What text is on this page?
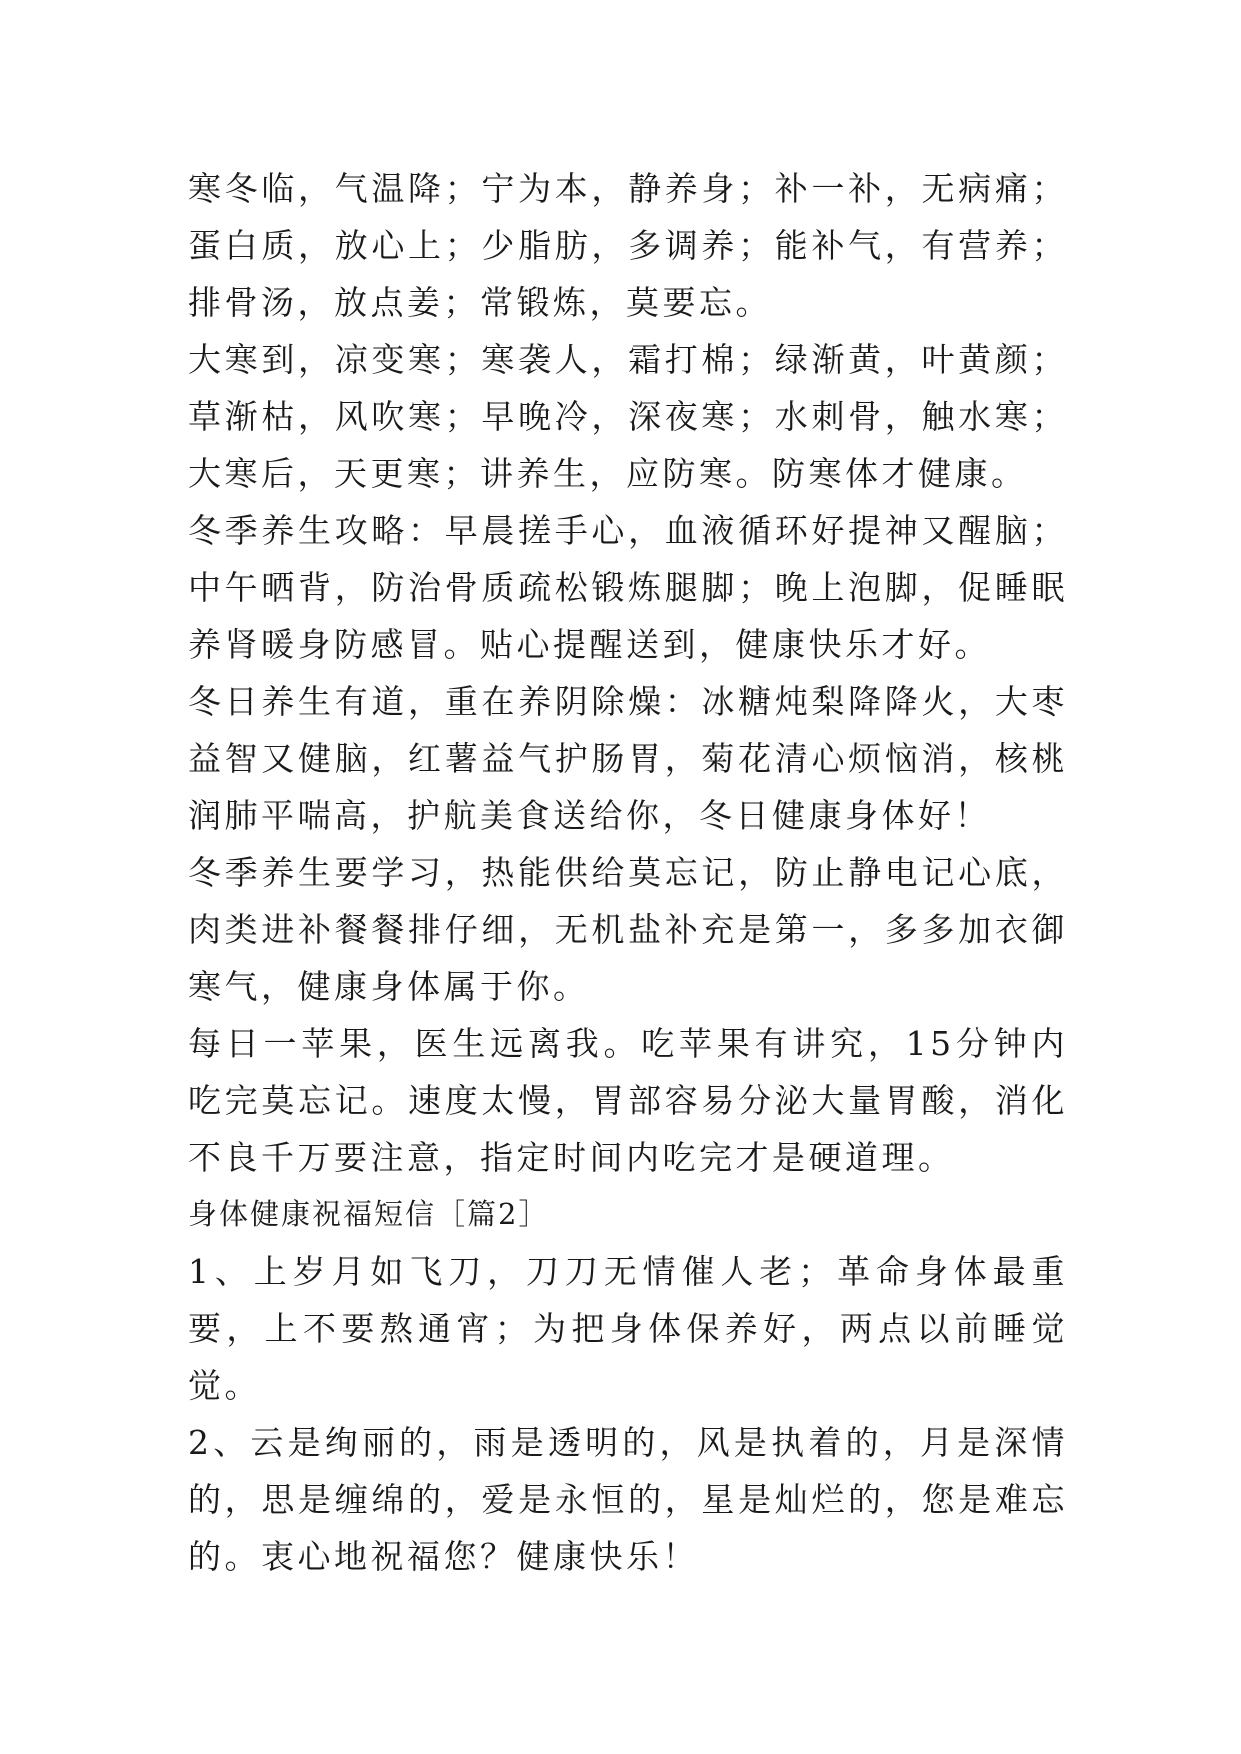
寒冬临，气温降；宁为本，静养身；补一补，无病痛；蛋白质，放心上；少脂肪，多调养；能补气，有营养；排骨汤，放点姜；常锻炼，莫要忘。

大寒到，凉变寒；寒袭人，霜打棉；绿渐黄，叶黄颜；草渐枯，风吹寒；早晚冷，深夜寒；水刺骨，触水寒；大寒后，天更寒；讲养生，应防寒。防寒体才健康。

冬季养生攻略：早晨搓手心，血液循环好提神又醒脑；中午晒背，防治骨质疏松锻炼腿脚；晚上泡脚，促睡眠养肾暖身防感冒。贴心提醒送到，健康快乐才好。

冬日养生有道，重在养阴除燥：冰糖炖梨降降火，大枣益智又健脑，红薯益气护肠胃，菊花清心烦恼消，核桃润肺平喘高，护航美食送给你，冬日健康身体好！

冬季养生要学习，热能供给莫忘记，防止静电记心底，肉类进补餐餐排仔细，无机盐补充是第一，多多加衣御寒气，健康身体属于你。

每日一苹果，医生远离我。吃苹果有讲究，15分钟内吃完莫忘记。速度太慢，胃部容易分泌大量胃酸，消化不良千万要注意，指定时间内吃完才是硬道理。

身体健康祝福短信［篇2］

1、上岁月如飞刀，刀刀无情催人老；革命身体最重要，上不要熬通宵；为把身体保养好，两点以前睡觉觉。

2、云是绚丽的，雨是透明的，风是执着的，月是深情的，思是缠绵的，爱是永恒的，星是灿烂的，您是难忘的。衷心地祝福您？健康快乐！
